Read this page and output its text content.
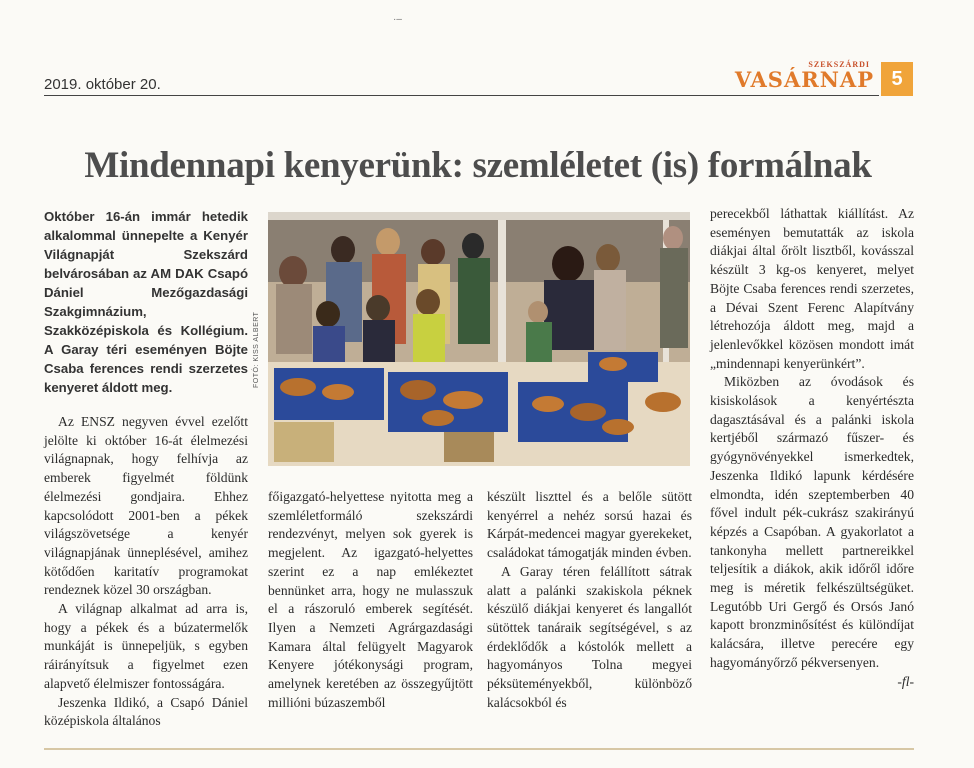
·–
2019. október 20.
SZEKSZÁRDI
VASÁRNAP 5
Mindennapi kenyerünk: szemléletet (is) formálnak
Október 16-án immár hetedik alkalommal ünnepelte a Kenyér Világnapját Szekszárd belvárosában az AM DAK Csapó Dániel Mezőgazdasági Szakgimnázium, Szakközépiskola és Kollégium. A Garay téri eseményen Böjte Csaba ferences rendi szerzetes kenyeret áldott meg.

Az ENSZ negyven évvel ezelőtt jelölte ki október 16-át élelmezési világnapnak, hogy felhívja az emberek figyelmét földünk élelmezési gondjaira. Ehhez kapcsolódott 2001-ben a pékek világszövetsége a kenyér világnapjának ünneplésével, amihez kötődően karitatív programokat rendeznek közel 30 országban.

A világnap alkalmat ad arra is, hogy a pékek és a búzatermelők munkáját is ünnepeljük, s egyben ráirányítsuk a figyelmet ezen alapvető élelmiszer fontosságára.

Jeszenka Ildikó, a Csapó Dániel középiskola általános

FOTÓ: KISS ALBERT

főigazgató-helyettese nyitotta meg a szemléletformáló szekszárdi rendezvényt, melyen sok gyerek is megjelent. Az igazgató-helyettes szerint ez a nap emlékeztet bennünket arra, hogy ne mulasszuk el a rászoruló emberek segítését. Ilyen a Nemzeti Agrárgazdasági Kamara által felügyelt Magyarok Kenyere jótékonysági program, amelynek keretében az összegyűjtött millióni búzaszemből

készült liszttel és a belőle sütött kenyérrel a nehéz sorsú hazai és Kárpát-medencei magyar gyerekeket, családokat támogatják minden évben.

A Garay téren felállított sátrak alatt a palánki szakiskola péknek készülő diákjai kenyeret és langallót sütöttek tanáraik segítségével, s az érdeklődők a kóstolók mellett a hagyományos Tolna megyei péksüteményekből, különböző kalácsokból és

perecekből láthattak kiállítást. Az eseményen bemutatták az iskola diákjai által őrölt lisztből, kovásszal készült 3 kg-os kenyeret, melyet Böjte Csaba ferences rendi szerzetes, a Dévai Szent Ferenc Alapítvány létrehozója áldott meg, majd a jelenlevőkkel közösen mondott imát „mindennapi kenyerünkért”.

Miközben az óvodások és kisiskolások a kenyértészta dagasztásával és a palánki iskola kertjéből származó fűszer- és gyógynövényekkel ismerkedtek, Jeszenka Ildikó lapunk kérdésére elmondta, idén szeptemberben 40 fővel indult pék-cukrász szakirányú képzés a Csapóban. A gyakorlatot a tankonyha mellett partnereikkel teljesítik a diákok, akik időről időre meg is méretik felkészültségüket. Legutóbb Uri Gergő és Orsós Janó kapott bronzminősítést és különdíjat kalácsára, illetve perecére egy hagyományőrző pékversenyen.

-fl-
